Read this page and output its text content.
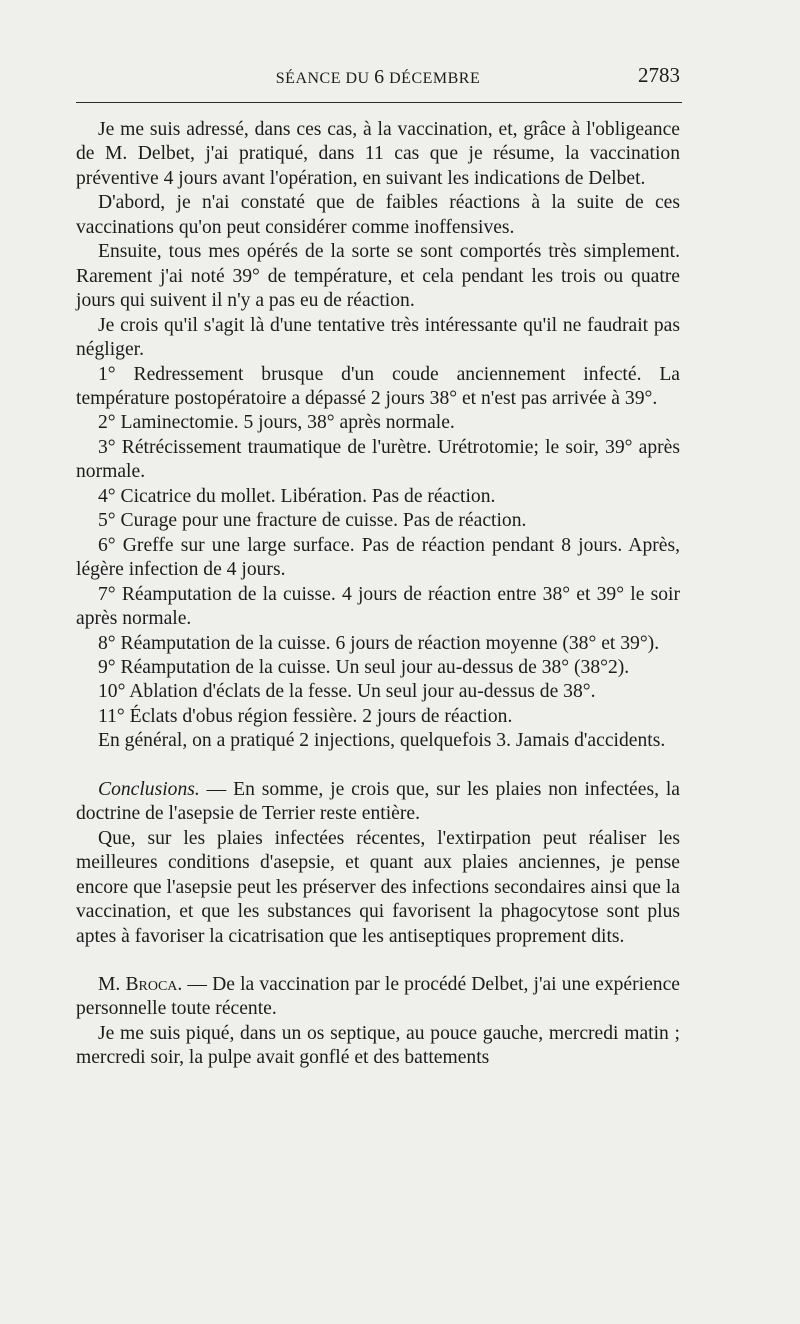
SÉANCE DU 6 DÉCEMBRE	2783

Je me suis adressé, dans ces cas, à la vaccination, et, grâce à l'obligeance de M. Delbet, j'ai pratiqué, dans 11 cas que je résume, la vaccination préventive 4 jours avant l'opération, en suivant les indications de Delbet.

D'abord, je n'ai constaté que de faibles réactions à la suite de ces vaccinations qu'on peut considérer comme inoffensives.

Ensuite, tous mes opérés de la sorte se sont comportés très simplement. Rarement j'ai noté 39° de température, et cela pendant les trois ou quatre jours qui suivent il n'y a pas eu de réaction.

Je crois qu'il s'agit là d'une tentative très intéressante qu'il ne faudrait pas négliger.

1° Redressement brusque d'un coude anciennement infecté. La température postopératoire a dépassé 2 jours 38° et n'est pas arrivée à 39°.

2° Laminectomie. 5 jours, 38° après normale.

3° Rétrécissement traumatique de l'urètre. Urétrotomie; le soir, 39° après normale.

4° Cicatrice du mollet. Libération. Pas de réaction.

5° Curage pour une fracture de cuisse. Pas de réaction.

6° Greffe sur une large surface. Pas de réaction pendant 8 jours. Après, légère infection de 4 jours.

7° Réamputation de la cuisse. 4 jours de réaction entre 38° et 39° le soir après normale.

8° Réamputation de la cuisse. 6 jours de réaction moyenne (38° et 39°).

9° Réamputation de la cuisse. Un seul jour au-dessus de 38° (38°2).

10° Ablation d'éclats de la fesse. Un seul jour au-dessus de 38°.

11° Éclats d'obus région fessière. 2 jours de réaction.

En général, on a pratiqué 2 injections, quelquefois 3. Jamais d'accidents.

Conclusions. — En somme, je crois que, sur les plaies non infectées, la doctrine de l'asepsie de Terrier reste entière.

Que, sur les plaies infectées récentes, l'extirpation peut réaliser les meilleures conditions d'asepsie, et quant aux plaies anciennes, je pense encore que l'asepsie peut les préserver des infections secondaires ainsi que la vaccination, et que les substances qui favorisent la phagocytose sont plus aptes à favoriser la cicatrisation que les antiseptiques proprement dits.

M. Broca. — De la vaccination par le procédé Delbet, j'ai une expérience personnelle toute récente.

Je me suis piqué, dans un os septique, au pouce gauche, mercredi matin ; mercredi soir, la pulpe avait gonflé et des battements
